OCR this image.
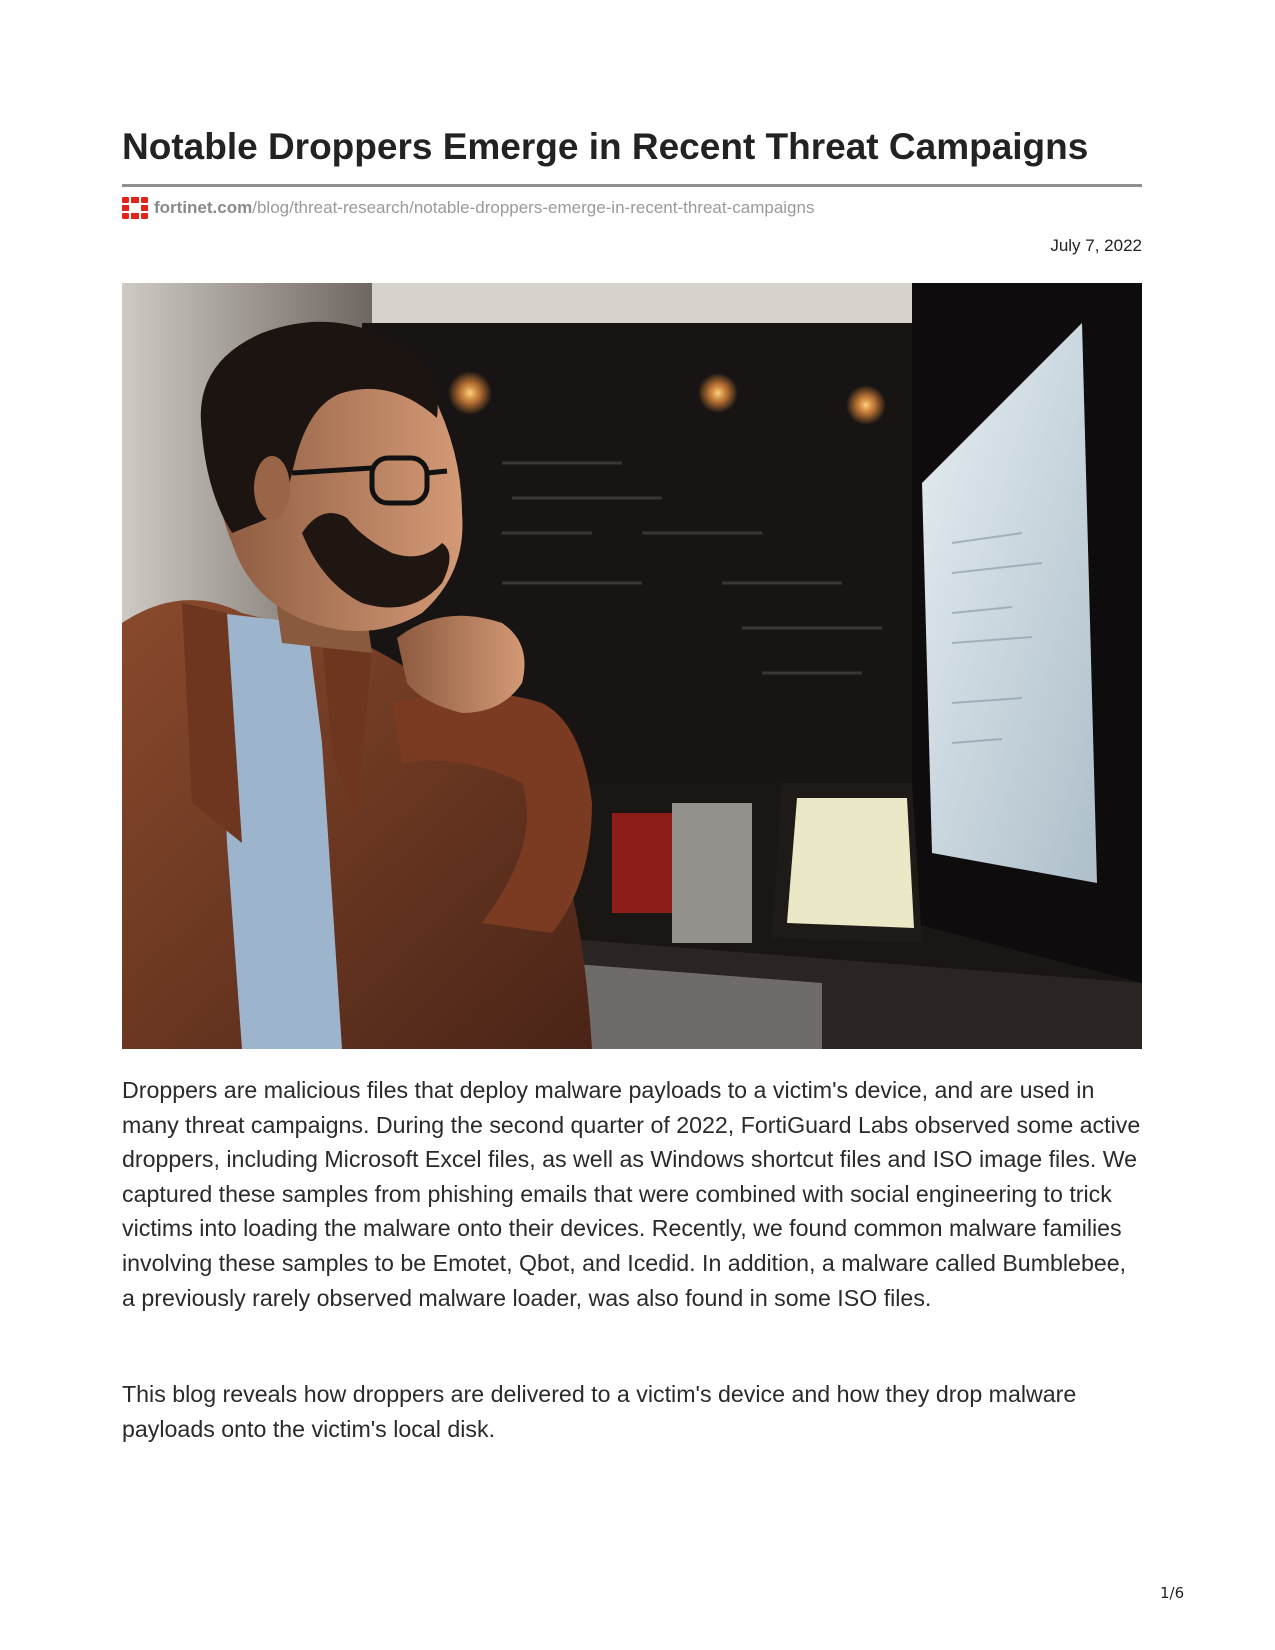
Notable Droppers Emerge in Recent Threat Campaigns
fortinet.com/blog/threat-research/notable-droppers-emerge-in-recent-threat-campaigns
July 7, 2022

Droppers are malicious files that deploy malware payloads to a victim's device, and are used in many threat campaigns. During the second quarter of 2022, FortiGuard Labs observed some active droppers, including Microsoft Excel files, as well as Windows shortcut files and ISO image files. We captured these samples from phishing emails that were combined with social engineering to trick victims into loading the malware onto their devices. Recently, we found common malware families involving these samples to be Emotet, Qbot, and Icedid. In addition, a malware called Bumblebee, a previously rarely observed malware loader, was also found in some ISO files.

This blog reveals how droppers are delivered to a victim's device and how they drop malware payloads onto the victim's local disk.

1/6
